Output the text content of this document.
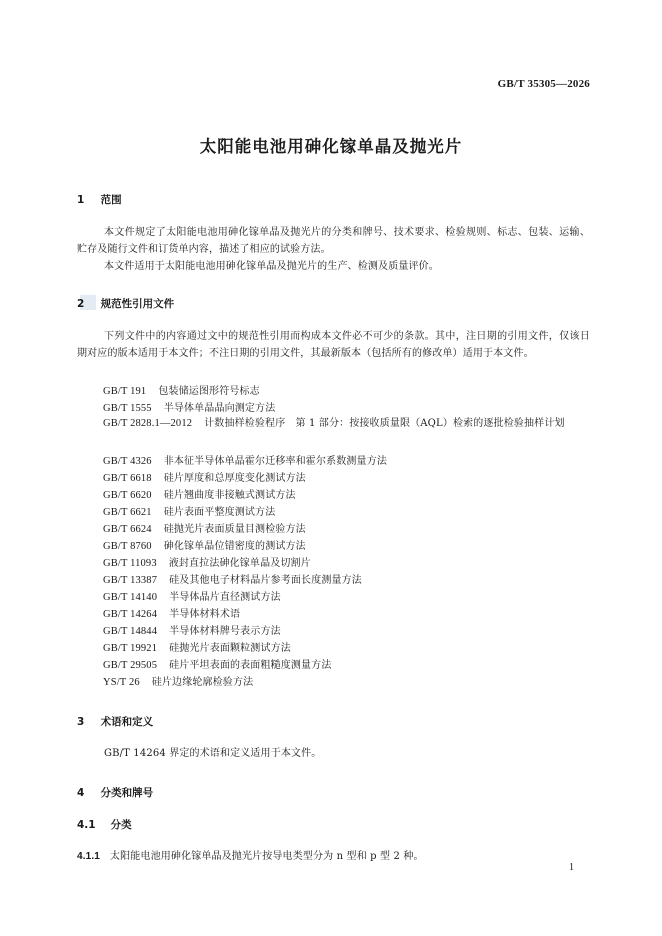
GB/T 35305—2026
太阳能电池用砷化镓单晶及抛光片
1 范围
本文件规定了太阳能电池用砷化镓单晶及抛光片的分类和牌号、技术要求、检验规则、标志、包装、运输、贮存及随行文件和订货单内容，描述了相应的试验方法。
本文件适用于太阳能电池用砷化镓单晶及抛光片的生产、检测及质量评价。
2 规范性引用文件
下列文件中的内容通过文中的规范性引用而构成本文件必不可少的条款。其中，注日期的引用文件，仅该日期对应的版本适用于本文件；不注日期的引用文件，其最新版本（包括所有的修改单）适用于本文件。
GB/T 191 包装储运图形符号标志
GB/T 1555 半导体单晶晶向测定方法
GB/T 2828.1—2012 计数抽样检验程序　第 1 部分：按接收质量限（AQL）检索的逐批检验抽样计划
GB/T 4326 非本征半导体单晶霍尔迁移率和霍尔系数测量方法
GB/T 6618 硅片厚度和总厚度变化测试方法
GB/T 6620 硅片翘曲度非接触式测试方法
GB/T 6621 硅片表面平整度测试方法
GB/T 6624 硅抛光片表面质量目测检验方法
GB/T 8760 砷化镓单晶位错密度的测试方法
GB/T 11093 液封直拉法砷化镓单晶及切割片
GB/T 13387 硅及其他电子材料晶片参考面长度测量方法
GB/T 14140 半导体晶片直径测试方法
GB/T 14264 半导体材料术语
GB/T 14844 半导体材料牌号表示方法
GB/T 19921 硅抛光片表面颗粒测试方法
GB/T 29505 硅片平坦表面的表面粗糙度测量方法
YS/T 26 硅片边缘轮廓检验方法
3 术语和定义
GB/T 14264 界定的术语和定义适用于本文件。
4 分类和牌号
4.1 分类
4.1.1 太阳能电池用砷化镓单晶及抛光片按导电类型分为 n 型和 p 型 2 种。
1
